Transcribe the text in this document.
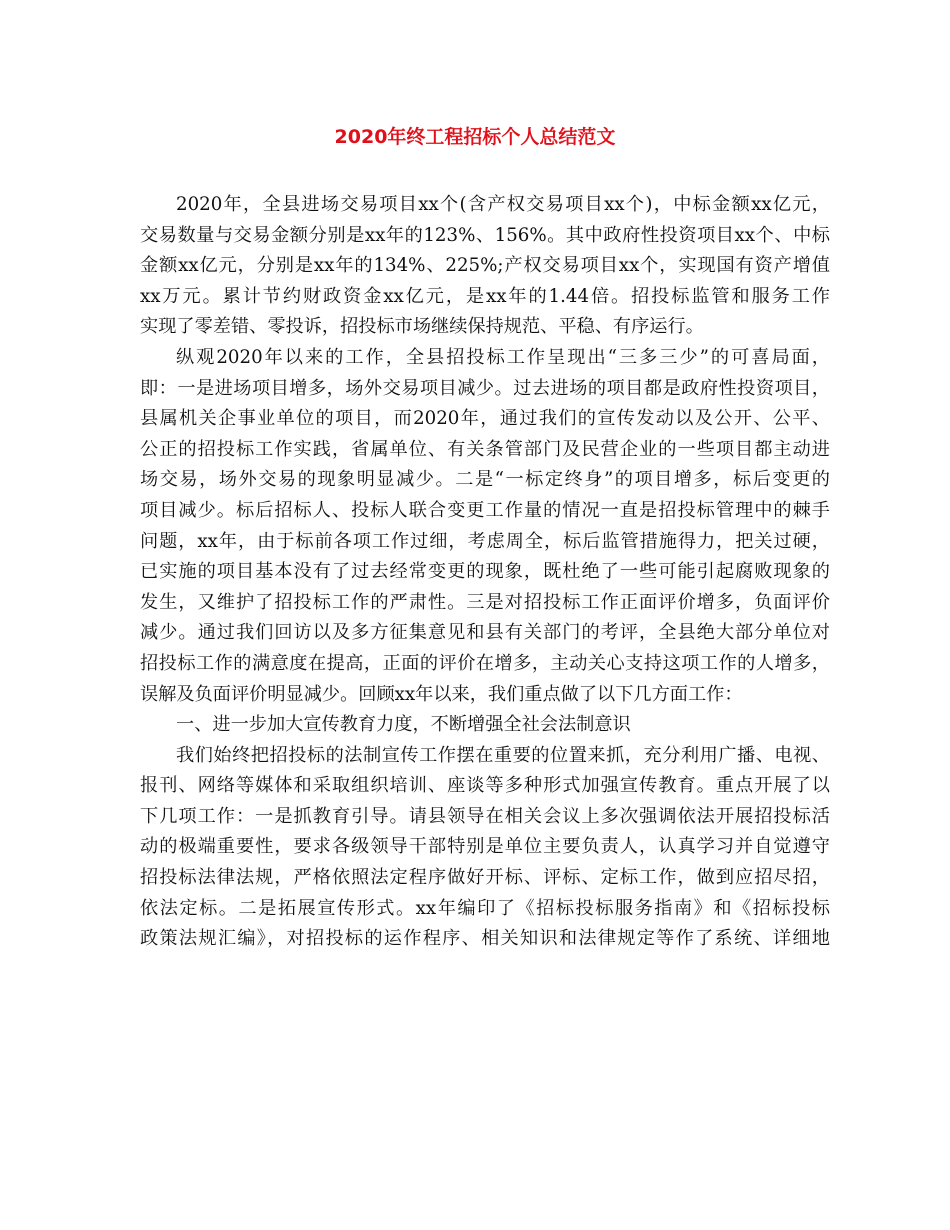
2020年终工程招标个人总结范文
2020年，全县进场交易项目xx个(含产权交易项目xx个)，中标金额xx亿元，
交易数量与交易金额分别是xx年的123%、156%。其中政府性投资项目xx个、中标
金额xx亿元，分别是xx年的134%、225%;产权交易项目xx个，实现国有资产增值
xx万元。累计节约财政资金xx亿元，是xx年的1.44倍。招投标监管和服务工作
实现了零差错、零投诉，招投标市场继续保持规范、平稳、有序运行。
纵观2020年以来的工作，全县招投标工作呈现出“三多三少”的可喜局面，
即：一是进场项目增多，场外交易项目减少。过去进场的项目都是政府性投资项目，
县属机关企事业单位的项目，而2020年，通过我们的宣传发动以及公开、公平、
公正的招投标工作实践，省属单位、有关条管部门及民营企业的一些项目都主动进
场交易，场外交易的现象明显减少。二是“一标定终身”的项目增多，标后变更的
项目减少。标后招标人、投标人联合变更工作量的情况一直是招投标管理中的棘手
问题，xx年，由于标前各项工作过细，考虑周全，标后监管措施得力，把关过硬，
已实施的项目基本没有了过去经常变更的现象，既杜绝了一些可能引起腐败现象的
发生，又维护了招投标工作的严肃性。三是对招投标工作正面评价增多，负面评价
减少。通过我们回访以及多方征集意见和县有关部门的考评，全县绝大部分单位对
招投标工作的满意度在提高，正面的评价在增多，主动关心支持这项工作的人增多，
误解及负面评价明显减少。回顾xx年以来，我们重点做了以下几方面工作：
一、进一步加大宣传教育力度，不断增强全社会法制意识
我们始终把招投标的法制宣传工作摆在重要的位置来抓，充分利用广播、电视、
报刊、网络等媒体和采取组织培训、座谈等多种形式加强宣传教育。重点开展了以
下几项工作：一是抓教育引导。请县领导在相关会议上多次强调依法开展招投标活
动的极端重要性，要求各级领导干部特别是单位主要负责人，认真学习并自觉遵守
招投标法律法规，严格依照法定程序做好开标、评标、定标工作，做到应招尽招，
依法定标。二是拓展宣传形式。xx年编印了《招标投标服务指南》和《招标投标
政策法规汇编》，对招投标的运作程序、相关知识和法律规定等作了系统、详细地
